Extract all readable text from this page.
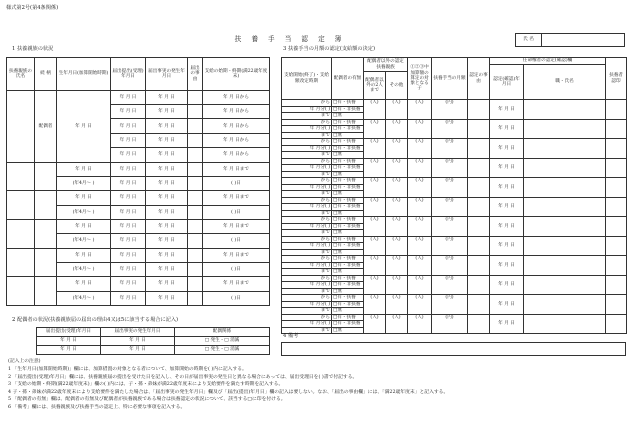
様式第2号(第4条関係)
扶 養 手 当 認 定 簿	氏 名	
1 扶養親族の状況
扶養親族の氏名	続 柄	生年月日(加算開始時期)	届出提出(受理)年月日	届出事実の発生年月日	届出の事由	支給の始期・終期(満22歳年度末)
	配偶者	年 月 日	年 月 日	年 月 日		年 月 日から
			年 月 日	年 月 日		年 月 日から
			年 月 日	年 月 日		年 月 日から
			年 月 日	年 月 日		年 月 日から
			年 月 日	年 月 日		年 月 日から
		年 月 日	年 月 日	年 月 日		年 月 日まで
		(年4月〜 )	年 月 日	年 月 日		( )日
		年 月 日	年 月 日	年 月 日		年 月 日まで
		(年4月〜 )	年 月 日	年 月 日		( )日
		年 月 日	年 月 日	年 月 日		年 月 日まで
		(年4月〜 )	年 月 日	年 月 日		( )日
		年 月 日	年 月 日	年 月 日		年 月 日まで
		(年4月〜 )	年 月 日	年 月 日		( )日
		年 月 日	年 月 日	年 月 日		年 月 日まで
		(年4月〜 )	年 月 日	年 月 日		( )日
2 配偶者の状況(扶養親族届の届出の理由4又は5に該当する場合に記入)
届出提出(受理)年月日	届出事実の発生年月日	配偶関係
年 月 日	年 月 日	□ 発生・□ 消滅
年 月 日	年 月 日	□ 発生・□ 消滅
3 扶養手当の月額の認定(支給額の決定)
支給開始(終了)・支給額改定時期	配偶者の有無	配偶者以外の認定扶養親族		①②③中加算額の算定の対象となる子	扶養手当の月額	認定の事由	任命権者の認定(確認)欄		扶養者認印
							認定(確認)年月日	職・氏名	
		配偶者以外の2人まで	その他						
から	□有・扶養	(人)	(人)	(人)	(円)		年 月 日		
年 月分( )	□有・非扶養								
まで	□無								
から	□有・扶養	(人)	(人)	(人)	(円)		年 月 日		
年 月分( )	□有・非扶養								
まで	□無								
から	□有・扶養	(人)	(人)	(人)	(円)		年 月 日		
年 月分( )	□有・非扶養								
まで	□無								
から	□有・扶養	(人)	(人)	(人)	(円)		年 月 日		
年 月分( )	□有・非扶養								
まで	□無								
から	□有・扶養	(人)	(人)	(人)	(円)		年 月 日		
年 月分( )	□有・非扶養								
まで	□無								
から	□有・扶養	(人)	(人)	(人)	(円)		年 月 日		
年 月分( )	□有・非扶養								
まで	□無								
から	□有・扶養	(人)	(人)	(人)	(円)		年 月 日		
年 月分( )	□有・非扶養								
まで	□無								
から	□有・扶養	(人)	(人)	(人)	(円)		年 月 日		
年 月分( )	□有・非扶養								
まで	□無								
から	□有・扶養	(人)	(人)	(人)	(円)		年 月 日		
年 月分( )	□有・非扶養								
まで	□無								
から	□有・扶養	(人)	(人)	(人)	(円)		年 月 日		
年 月分( )	□有・非扶養								
まで	□無								
から	□有・扶養	(人)	(人)	(人)	(円)		年 月 日		
年 月分( )	□有・非扶養								
まで	□無								
から	□有・扶養	(人)	(人)	(人)	(円)		年 月 日		
年 月分( )	□有・非扶養								
まで	□無								
4 備考
(記入上の注意)
1 「生年月日(加算開始時期)」欄には、加算措置の対象となる者について、加算開始の時期を( )内に記入する。
2 「届出提出(受理)年月日」欄には、扶養親族届の提出を受けた日を記入し、その日が届出事実の発生日と異なる場合にあっては、届出受理日を( )書で付記する。
3 「支給の始期・終期(満22歳年度末)」欄の( )内には、子・孫・弟妹が満22歳年度末により支給要件を満たす時期を記入する。
4 子・孫・弟妹が満22歳年度末により支給要件を満たした場合は、「届出事実の発生年月日」欄及び「届出(提出)年月日」欄の記入は要しない。なお、「届出の事由欄」には、「満22歳年度末」と記入する。
5 「配偶者の有無」欄は、配偶者の有無及び配偶者が扶養親族である場合は扶養認定の状況について、該当する□に印を付ける。
6 「備考」欄には、扶養親族及び扶養手当の認定上、特に必要な事項を記入する。
